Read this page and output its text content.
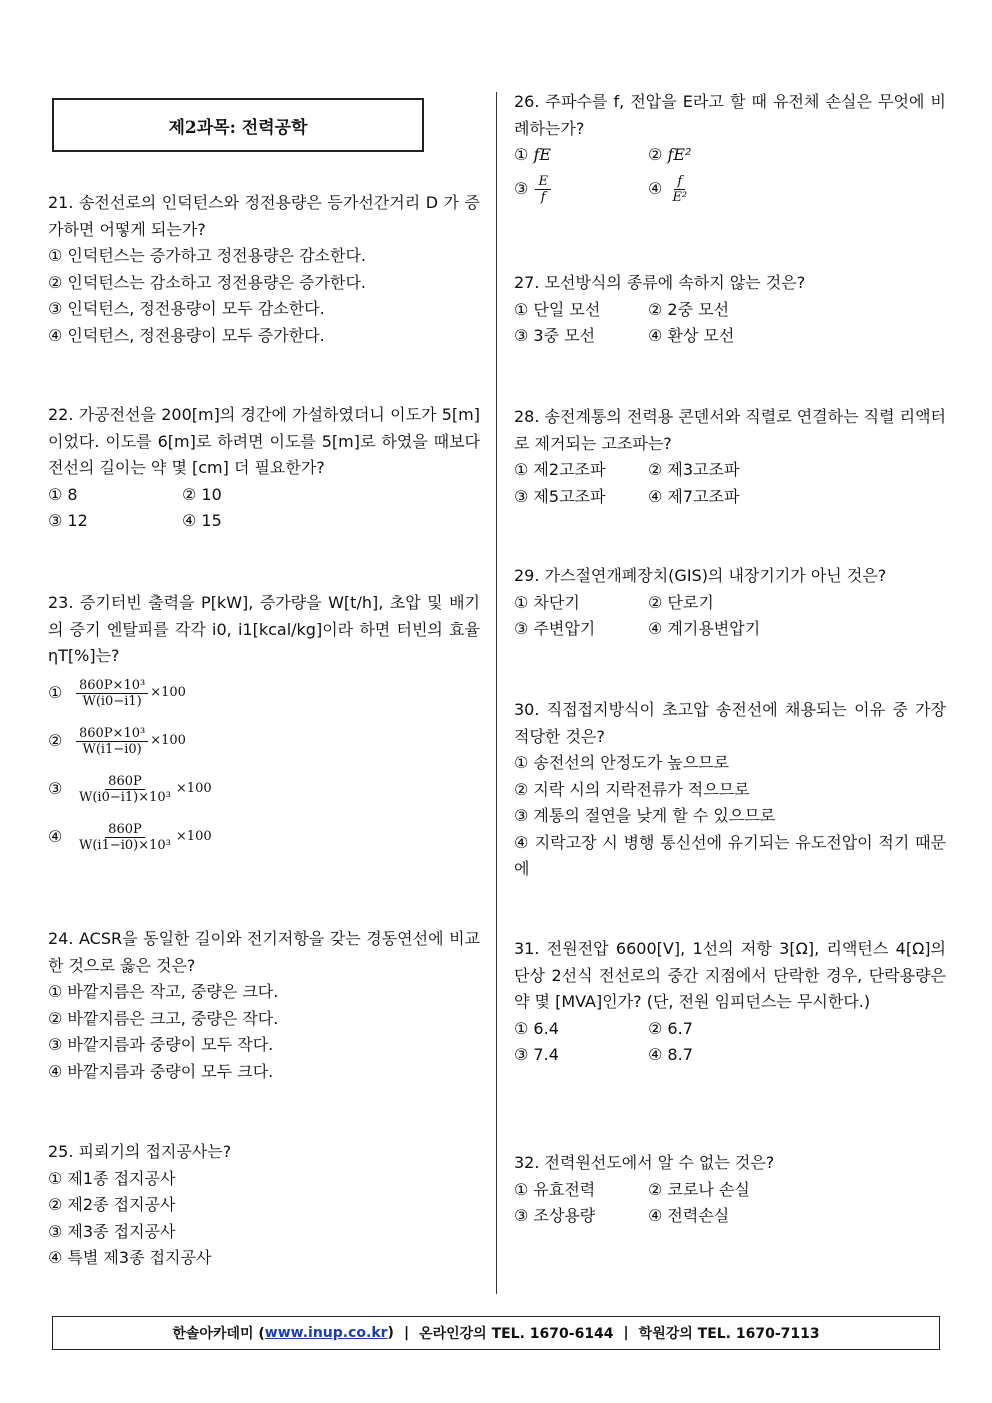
제2과목: 전력공학
21. 송전선로의 인덕턴스와 정전용량은 등가선간거리 D 가 증가하면 어떻게 되는가?
① 인덕턴스는 증가하고 정전용량은 감소한다.
② 인덕턴스는 감소하고 정전용량은 증가한다.
③ 인덕턴스, 정전용량이 모두 감소한다.
④ 인덕턴스, 정전용량이 모두 증가한다.
22. 가공전선을 200[m]의 경간에 가설하였더니 이도가 5[m]이었다. 이도를 6[m]로 하려면 이도를 5[m]로 하였을 때보다 전선의 길이는 약 몇 [cm] 더 필요한가?
① 8	② 10
③ 12	④ 15
23. 증기터빈 출력을 P[kW], 증가량을 W[t/h], 초압 및 배기의 증기 엔탈피를 각각 i0, i1[kcal/kg]이라 하면 터빈의 효율 ηT[%]는?
①	$\frac{\text{860P×10³}}{W(i0-i1)} \times 100$
②	$\frac{\text{860P×10³}}{W(i1-i0)} \times 100$
③	$\frac{860P}{\text{W(i0−i1)×10³}} \times 100$
④	$\frac{860P}{\text{W(i1−i0)×10³}} \times 100$
24. ACSR을 동일한 길이와 전기저항을 갖는 경동연선에 비교한 것으로 옳은 것은?
① 바깥지름은 작고, 중량은 크다.
② 바깥지름은 크고, 중량은 작다.
③ 바깥지름과 중량이 모두 작다.
④ 바깥지름과 중량이 모두 크다.
25. 피뢰기의 접지공사는?
① 제1종 접지공사
② 제2종 접지공사
③ 제3종 접지공사
④ 특별 제3종 접지공사
26. 주파수를 f, 전압을 E라고 할 때 유전체 손실은 무엇에 비례하는가?
① fE	② fE²
③ $\frac{E}{f}$	④ $\frac{f}{\text{E²}}$
27. 모선방식의 종류에 속하지 않는 것은?
① 단일 모선	② 2중 모선
③ 3중 모선	④ 환상 모선
28. 송전계통의 전력용 콘덴서와 직렬로 연결하는 직렬 리액터로 제거되는 고조파는?
① 제2고조파	② 제3고조파
③ 제5고조파	④ 제7고조파
29. 가스절연개폐장치(GIS)의 내장기기가 아닌 것은?
① 차단기	② 단로기
③ 주변압기	④ 계기용변압기
30. 직접접지방식이 초고압 송전선에 채용되는 이유 중 가장 적당한 것은?
① 송전선의 안정도가 높으므로
② 지락 시의 지락전류가 적으므로
③ 계통의 절연을 낮게 할 수 있으므로
④ 지락고장 시 병행 통신선에 유기되는 유도전압이 적기 때문에
31. 전원전압 6600[V], 1선의 저항 3[Ω], 리액턴스 4[Ω]의 단상 2선식 전선로의 중간 지점에서 단락한 경우, 단락용량은 약 몇 [MVA]인가? (단, 전원 임피던스는 무시한다.)
① 6.4	② 6.7
③ 7.4	④ 8.7
32. 전력원선도에서 알 수 없는 것은?
① 유효전력	② 코로나 손실
③ 조상용량	④ 전력손실
한솔아카데미 ( www.inup.co.kr ) | 온라인강의 TEL. 1670-6144 | 학원강의 TEL. 1670-7113
